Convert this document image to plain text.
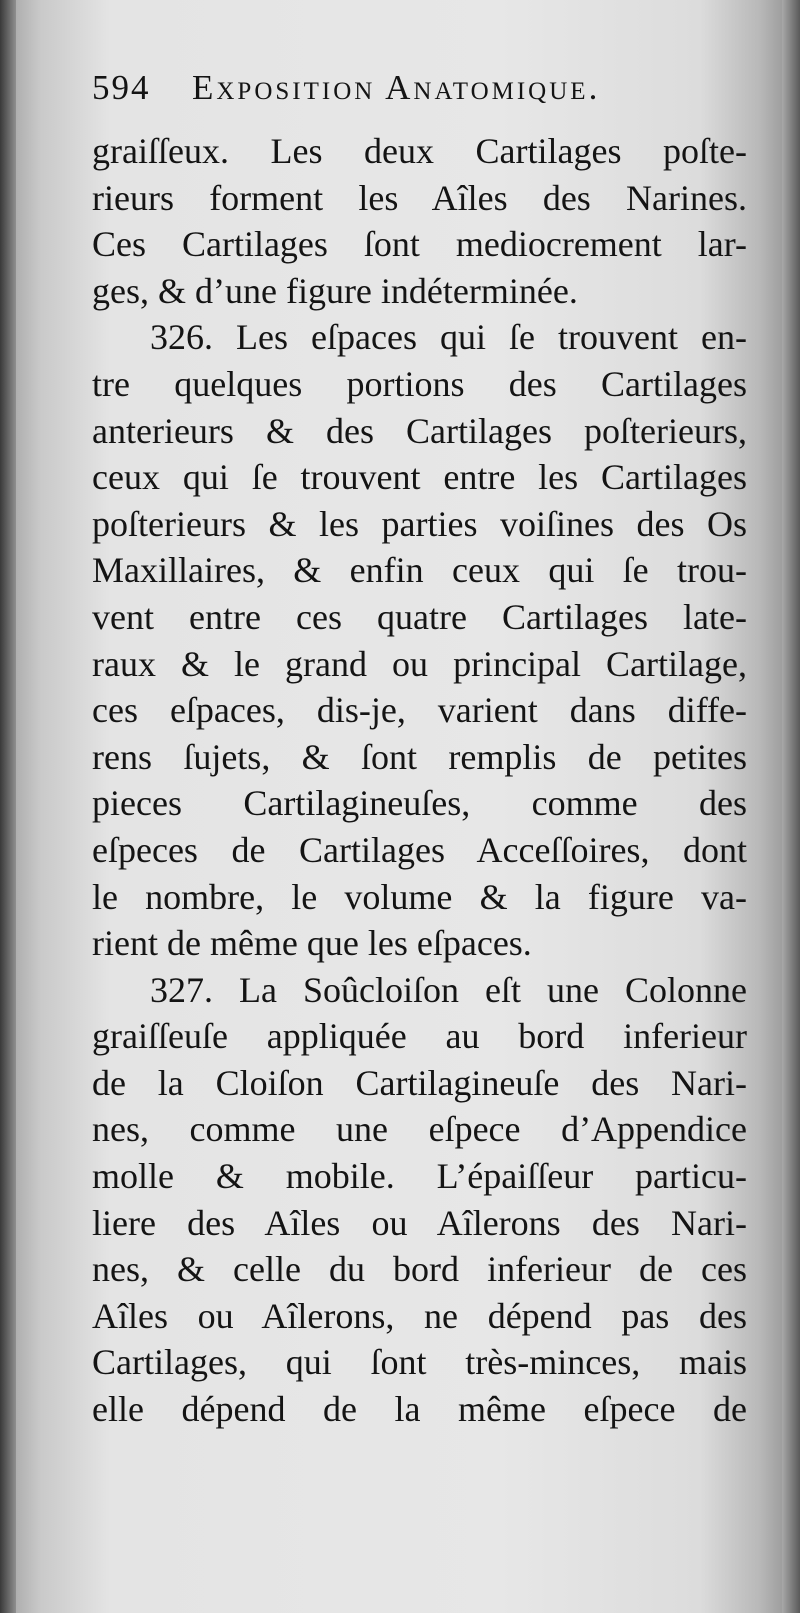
594 Exposition Anatomique.
graiſſeux. Les deux Cartilages poſte-
rieurs forment les Aîles des Narines.
Ces Cartilages ſont mediocrement lar-
ges, & d’une figure indéterminée.
326. Les eſpaces qui ſe trouvent en-
tre quelques portions des Cartilages
anterieurs & des Cartilages poſterieurs,
ceux qui ſe trouvent entre les Cartilages
poſterieurs & les parties voiſines des Os
Maxillaires, & enfin ceux qui ſe trou-
vent entre ces quatre Cartilages late-
raux & le grand ou principal Cartilage,
ces eſpaces, dis-je, varient dans diffe-
rens ſujets, & ſont remplis de petites
pieces Cartilagineuſes, comme des
eſpeces de Cartilages Acceſſoires, dont
le nombre, le volume & la figure va-
rient de même que les eſpaces.
327. La Soûcloiſon eſt une Colonne
graiſſeuſe appliquée au bord inferieur
de la Cloiſon Cartilagineuſe des Nari-
nes, comme une eſpece d’Appendice
molle & mobile. L’épaiſſeur particu-
liere des Aîles ou Aîlerons des Nari-
nes, & celle du bord inferieur de ces
Aîles ou Aîlerons, ne dépend pas des
Cartilages, qui ſont très-minces, mais
elle dépend de la même eſpece de
